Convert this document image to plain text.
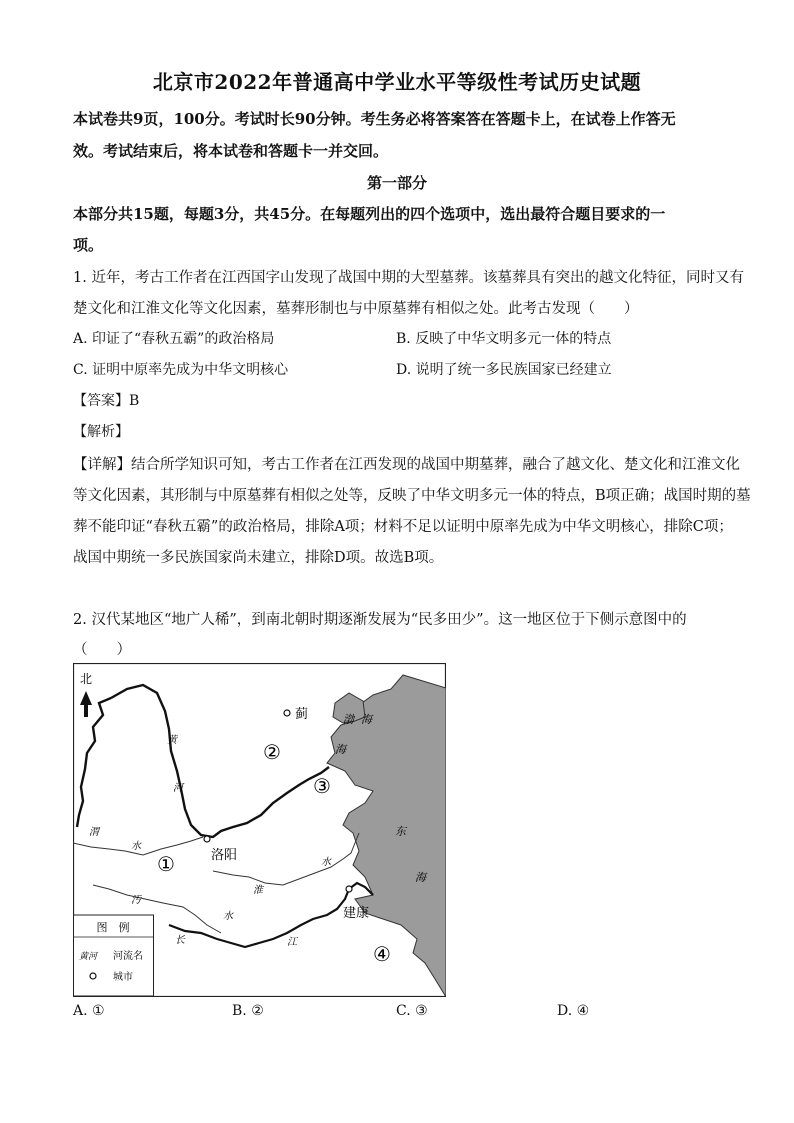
北京市2022年普通高中学业水平等级性考试历史试题
本试卷共9页，100分。考试时长90分钟。考生务必将答案答在答题卡上，在试卷上作答无
效。考试结束后，将本试卷和答题卡一并交回。
第一部分
本部分共15题，每题3分，共45分。在每题列出的四个选项中，选出最符合题目要求的一
项。
1. 近年，考古工作者在江西国字山发现了战国中期的大型墓葬。该墓葬具有突出的越文化特征，同时又有
楚文化和江淮文化等文化因素，墓葬形制也与中原墓葬有相似之处。此考古发现（　　）
A. 印证了“春秋五霸”的政治格局	B. 反映了中华文明多元一体的特点
C. 证明中原率先成为中华文明核心	D. 说明了统一多民族国家已经建立
【答案】B
【解析】
【详解】结合所学知识可知，考古工作者在江西发现的战国中期墓葬，融合了越文化、楚文化和江淮文化
等文化因素，其形制与中原墓葬有相似之处等，反映了中华文明多元一体的特点，B项正确；战国时期的墓
葬不能印证“春秋五霸”的政治格局，排除A项；材料不足以证明中原率先成为中华文明核心，排除C项；
战国中期统一多民族国家尚未建立，排除D项。故选B项。
2. 汉代某地区“地广人稀”，到南北朝时期逐渐发展为“民多田少”。这一地区位于下侧示意图中的
（　　）
北
蓟
洛阳
建康
渤 海
海
东
海
黄
河
渭
水
淮
水
汚
水
长	江
②
③
①
④
图　例
黄河 河流名
城市
A. ①	B. ②	C. ③	D. ④
